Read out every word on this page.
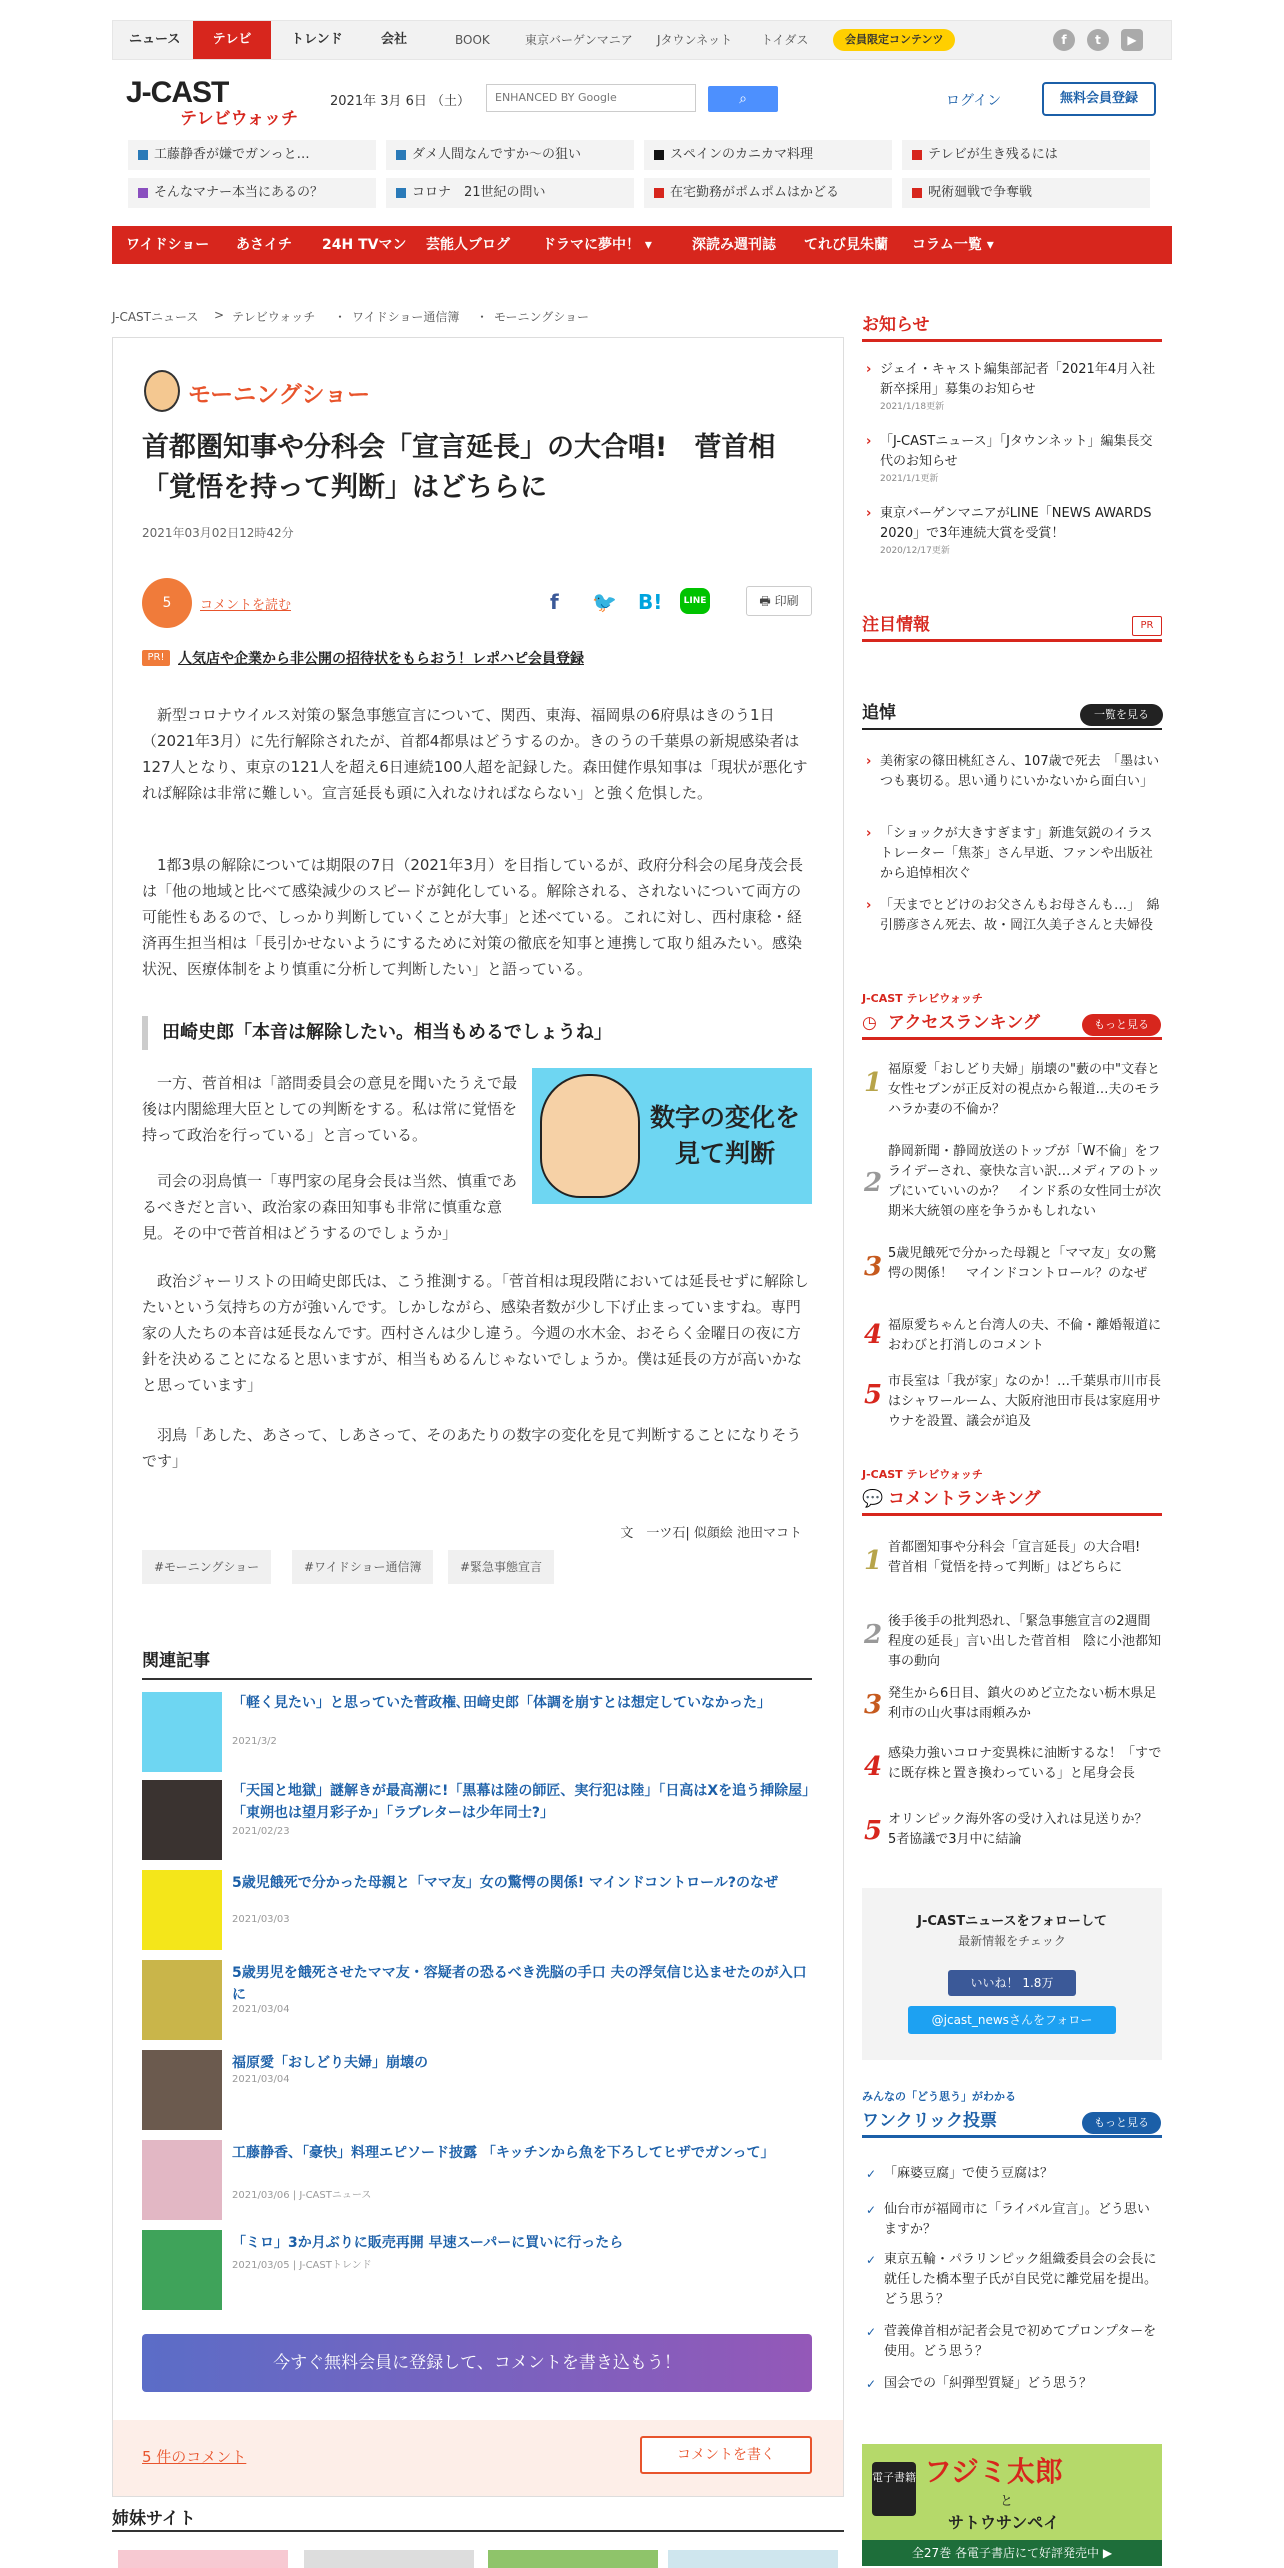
ニュース	テレビ	トレンド	会社	BOOK	東京バーゲンマニア Jタウンネット トイダス	会員限定コンテンツ	f	t	▶
J-CAST
テレビウォッチ
2021年 3月 6日 （土）	ENHANCED BY Google	⌕	ログイン	無料会員登録
工藤静香が嫌でガンっと…	ダメ人間なんですか～の狙い	スペインのカニカマ料理	テレビが生き残るには
そんなマナー本当にあるの？	コロナ　21世紀の問い	在宅勤務がポムポムはかどる	呪術廻戦で争奪戦
ワイドショー あさイチ 24H TVマン 芸能人ブログ ドラマに夢中！ ▾	深読み週刊誌 てれび見朱蘭 コラム一覧 ▾
J-CASTニュース > テレビウォッチ ・ ワイドショー通信簿 ・ モーニングショー
モーニングショー
首都圏知事や分科会「宣言延長」の大合唱!　菅首相「覚悟を持って判断」はどちらに
2021年03月02日12時42分
5	コメントを読む	f 🐦 B!	LINE	🖶 印刷
PR! 人気店や企業から非公開の招待状をもらおう！レポハピ会員登録

新型コロナウイルス対策の緊急事態宣言について、関西、東海、福岡県の6府県はきのう1日（2021年3月）に先行解除されたが、首都4都県はどうするのか。きのうの千葉県の新規感染者は127人となり、東京の121人を超え6日連続100人超を記録した。森田健作県知事は「現状が悪化すれば解除は非常に難しい。宣言延長も頭に入れなければならない」と強く危惧した。

1都3県の解除については期限の7日（2021年3月）を目指しているが、政府分科会の尾身茂会長は「他の地域と比べて感染減少のスピードが鈍化している。解除される、されないについて両方の可能性もあるので、しっかり判断していくことが大事」と述べている。これに対し、西村康稔・経済再生担当相は「長引かせないようにするために対策の徹底を知事と連携して取り組みたい。感染状況、医療体制をより慎重に分析して判断したい」と語っている。

田崎史郎「本音は解除したい。相当もめるでしょうね」
数字の変化を見て判断

一方、菅首相は「諮問委員会の意見を聞いたうえで最後は内閣総理大臣としての判断をする。私は常に覚悟を持って政治を行っている」と言っている。

司会の羽鳥慎一「専門家の尾身会長は当然、慎重であるべきだと言い、政治家の森田知事も非常に慎重な意見。その中で菅首相はどうするのでしょうか」

政治ジャーリストの田崎史郎氏は、こう推測する。「菅首相は現段階においては延長せずに解除したいという気持ちの方が強いんです。しかしながら、感染者数が少し下げ止まっていますね。専門家の人たちの本音は延長なんです。西村さんは少し違う。今週の水木金、おそらく金曜日の夜に方針を決めることになると思いますが、相当もめるんじゃないでしょうか。僕は延長の方が高いかなと思っています」

羽鳥「あした、あさって、しあさって、そのあたりの数字の変化を見て判断することになりそうです」

文　一ツ石| 似顔絵 池田マコト
#モーニングショー	#ワイドショー通信簿	#緊急事態宣言
関連記事
「軽く見たい」と思っていた菅政権､田﨑史郎「体調を崩すとは想定していなかった」
2021/3/2
「天国と地獄」謎解きが最高潮に!「黒幕は陸の師匠、実行犯は陸」「日高はXを追う挿除屋」「東朔也は望月彩子か」「ラブレターは少年同士?」
2021/02/23
5歳児餓死で分かった母親と「ママ友」女の驚愕の関係! マインドコントロール?のなぜ
2021/03/03
5歳男児を餓死させたママ友・容疑者の恐るべき洗脳の手口 夫の浮気信じ込ませたのが入口に
2021/03/04
福原愛「おしどり夫婦」崩壊の
2021/03/04
工藤静香、「豪快」料理エピソード披露 「キッチンから魚を下ろしてヒザでガンって」
2021/03/06 | J-CASTニュース
「ミロ」3か月ぶりに販売再開 早速スーパーに買いに行ったら
2021/03/05 | J-CASTトレンド
今すぐ無料会員に登録して、コメントを書き込もう！
5 件のコメント	コメントを書く
姉妹サイト
お知らせ
› ジェイ・キャスト編集部記者「2021年4月入社新卒採用」募集のお知らせ
2021/1/18更新
› 「J-CASTニュース」「Jタウンネット」編集長交代のお知らせ
2021/1/1更新
› 東京バーゲンマニアがLINE「NEWS AWARDS 2020」で3年連続大賞を受賞！
2020/12/17更新
注目情報	PR
追悼	一覧を見る
› 美術家の篠田桃紅さん、107歳で死去　「墨はいつも裏切る。思い通りにいかないから面白い」
› 「ショックが大きすぎます」新進気鋭のイラストレーター「焦茶」さん早逝、ファンや出版社から追悼相次ぐ
› 「天までとどけのお父さんもお母さんも…」　綿引勝彦さん死去、故・岡江久美子さんと夫婦役
J-CAST テレビウォッチ
◷ アクセスランキング	もっと見る
1 福原愛「おしどり夫婦」崩壊の"藪の中"文春と女性セブンが正反対の視点から報道…夫のモラハラか妻の不倫か？
2
静岡新聞・静岡放送のトップが「W不倫」をフライデーされ、豪快な言い訳…メディアのトップにいていいのか？　インド系の女性同士が次期米大統領の座を争うかもしれない
3 5歳児餓死で分かった母親と「ママ友」女の驚愕の関係！　マインドコントロール？のなぜ
4 福原愛ちゃんと台湾人の夫、不倫・離婚報道におわびと打消しのコメント
5 市長室は「我が家」なのか！…千葉県市川市長はシャワールーム、大阪府池田市長は家庭用サウナを設置、議会が追及
J-CAST テレビウォッチ
💬 コメントランキング
1 首都圏知事や分科会「宣言延長」の大合唱!　菅首相「覚悟を持って判断」はどちらに
2 後手後手の批判恐れ、「緊急事態宣言の2週間程度の延長」言い出した菅首相　陰に小池都知事の動向
3 発生から6日目、鎮火のめど立たない栃木県足利市の山火事は雨頼みか
4 感染力強いコロナ変異株に油断するな！「すでに既存株と置き換わっている」と尾身会長
5 オリンピック海外客の受け入れは見送りか？　5者協議で3月中に結論
J-CASTニュースをフォローして
最新情報をチェック
いいね！ 1.8万
@jcast_newsさんをフォロー
みんなの「どう思う」がわかる
ワンクリック投票	もっと見る
✓ 「麻婆豆腐」で使う豆腐は？
✓ 仙台市が福岡市に「ライバル宣言」。どう思いますか？
✓ 東京五輪・パラリンピック組織委員会の会長に就任した橋本聖子氏が自民党に離党届を提出。どう思う？
✓ 菅義偉首相が記者会見で初めてプロンプターを使用。どう思う？
✓ 国会での「糾弾型質疑」どう思う？
電子書籍 フジミ太郎
と
サトウサンペイ
全27巻 各電子書店にて好評発売中 ▶
